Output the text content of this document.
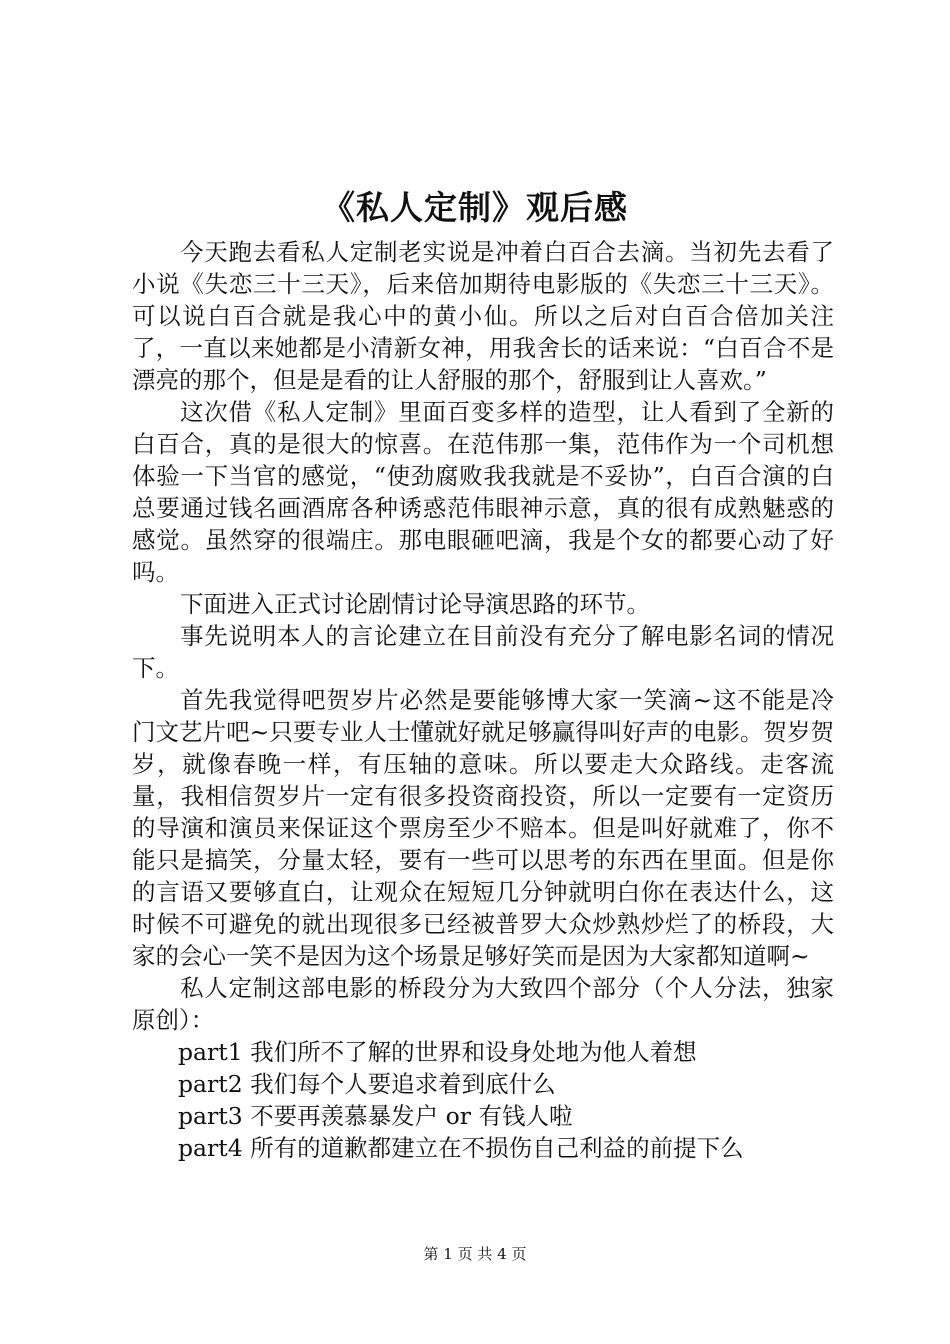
《私人定制》观后感

今天跑去看私人定制老实说是冲着白百合去滴。当初先去看了小说《失恋三十三天》，后来倍加期待电影版的《失恋三十三天》。可以说白百合就是我心中的黄小仙。所以之后对白百合倍加关注了，一直以来她都是小清新女神，用我舍长的话来说：“白百合不是漂亮的那个，但是是看的让人舒服的那个，舒服到让人喜欢。”

这次借《私人定制》里面百变多样的造型，让人看到了全新的白百合，真的是很大的惊喜。在范伟那一集，范伟作为一个司机想体验一下当官的感觉，“使劲腐败我我就是不妥协”，白百合演的白总要通过钱名画酒席各种诱惑范伟眼神示意，真的很有成熟魅惑的感觉。虽然穿的很端庄。那电眼砸吧滴，我是个女的都要心动了好吗。

下面进入正式讨论剧情讨论导演思路的环节。

事先说明本人的言论建立在目前没有充分了解电影名词的情况下。

首先我觉得吧贺岁片必然是要能够博大家一笑滴~这不能是冷门文艺片吧~只要专业人士懂就好就足够赢得叫好声的电影。贺岁贺岁，就像春晚一样，有压轴的意味。所以要走大众路线。走客流量，我相信贺岁片一定有很多投资商投资，所以一定要有一定资历的导演和演员来保证这个票房至少不赔本。但是叫好就难了，你不能只是搞笑，分量太轻，要有一些可以思考的东西在里面。但是你的言语又要够直白，让观众在短短几分钟就明白你在表达什么，这时候不可避免的就出现很多已经被普罗大众炒熟炒烂了的桥段，大家的会心一笑不是因为这个场景足够好笑而是因为大家都知道啊~

私人定制这部电影的桥段分为大致四个部分（个人分法，独家原创）：

part1 我们所不了解的世界和设身处地为他人着想

part2 我们每个人要追求着到底什么

part3 不要再羡慕暴发户 or 有钱人啦

part4 所有的道歉都建立在不损伤自己利益的前提下么

第 1 页 共 4 页
